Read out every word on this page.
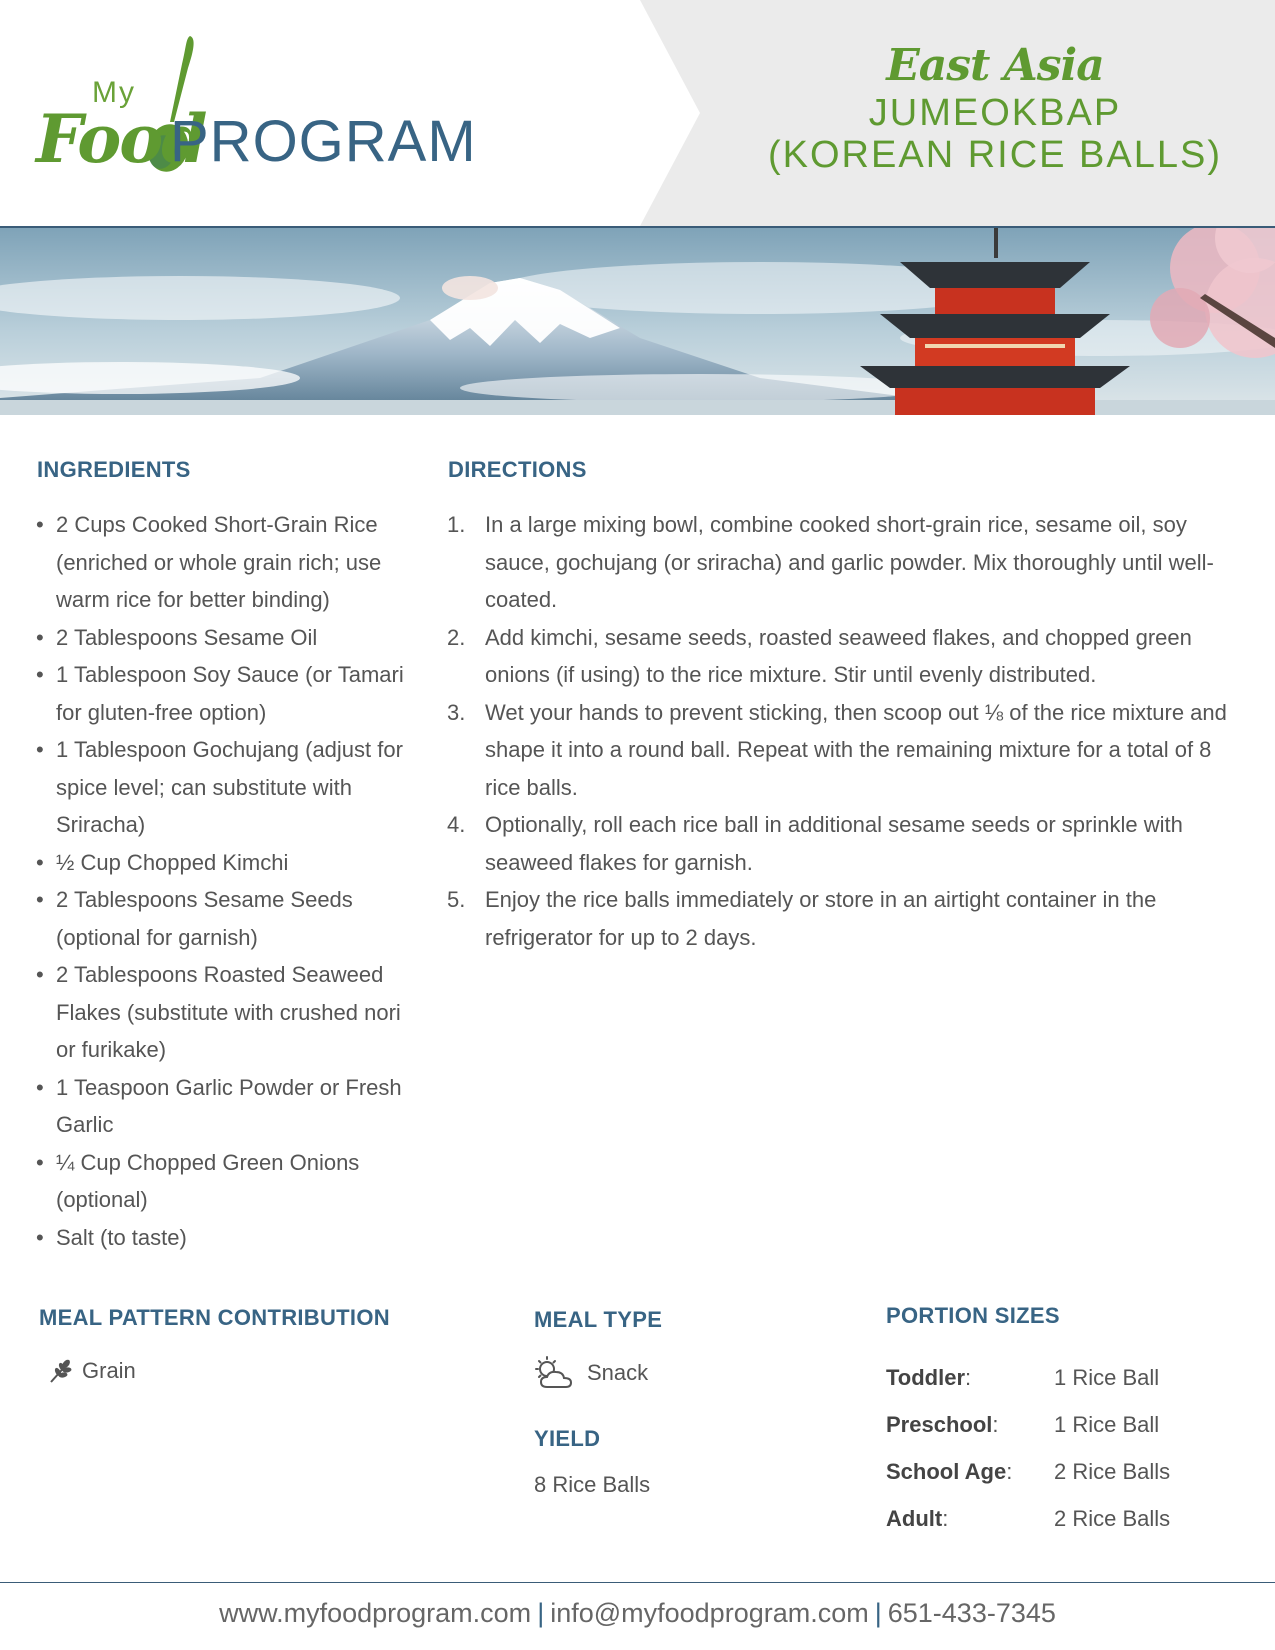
My
Food
PROGRAM
East Asia
JUMEOKBAP
(KOREAN RICE BALLS)
INGREDIENTS
• 2 Cups Cooked Short-Grain Rice (enriched or whole grain rich; use warm rice for better binding)
• 2 Tablespoons Sesame Oil
• 1 Tablespoon Soy Sauce (or Tamari for gluten-free option)
• 1 Tablespoon Gochujang (adjust for spice level; can substitute with Sriracha)
• ½ Cup Chopped Kimchi
• 2 Tablespoons Sesame Seeds (optional for garnish)
• 2 Tablespoons Roasted Seaweed Flakes (substitute with crushed nori or furikake)
• 1 Teaspoon Garlic Powder or Fresh Garlic
• ¼ Cup Chopped Green Onions (optional)
• Salt (to taste)
DIRECTIONS
1. In a large mixing bowl, combine cooked short-grain rice, sesame oil, soy sauce, gochujang (or sriracha) and garlic powder. Mix thoroughly until well-coated.
2. Add kimchi, sesame seeds, roasted seaweed flakes, and chopped green onions (if using) to the rice mixture. Stir until evenly distributed.
3. Wet your hands to prevent sticking, then scoop out ⅛ of the rice mixture and shape it into a round ball. Repeat with the remaining mixture for a total of 8 rice balls.
4. Optionally, roll each rice ball in additional sesame seeds or sprinkle with seaweed flakes for garnish.
5. Enjoy the rice balls immediately or store in an airtight container in the refrigerator for up to 2 days.
MEAL PATTERN CONTRIBUTION
Grain
MEAL TYPE
Snack
YIELD
8 Rice Balls
PORTION SIZES
Toddler:	1 Rice Ball
Preschool:	1 Rice Ball
School Age:	2 Rice Balls
Adult:	2 Rice Balls
www.myfoodprogram.com | info@myfoodprogram.com | 651-433-7345
